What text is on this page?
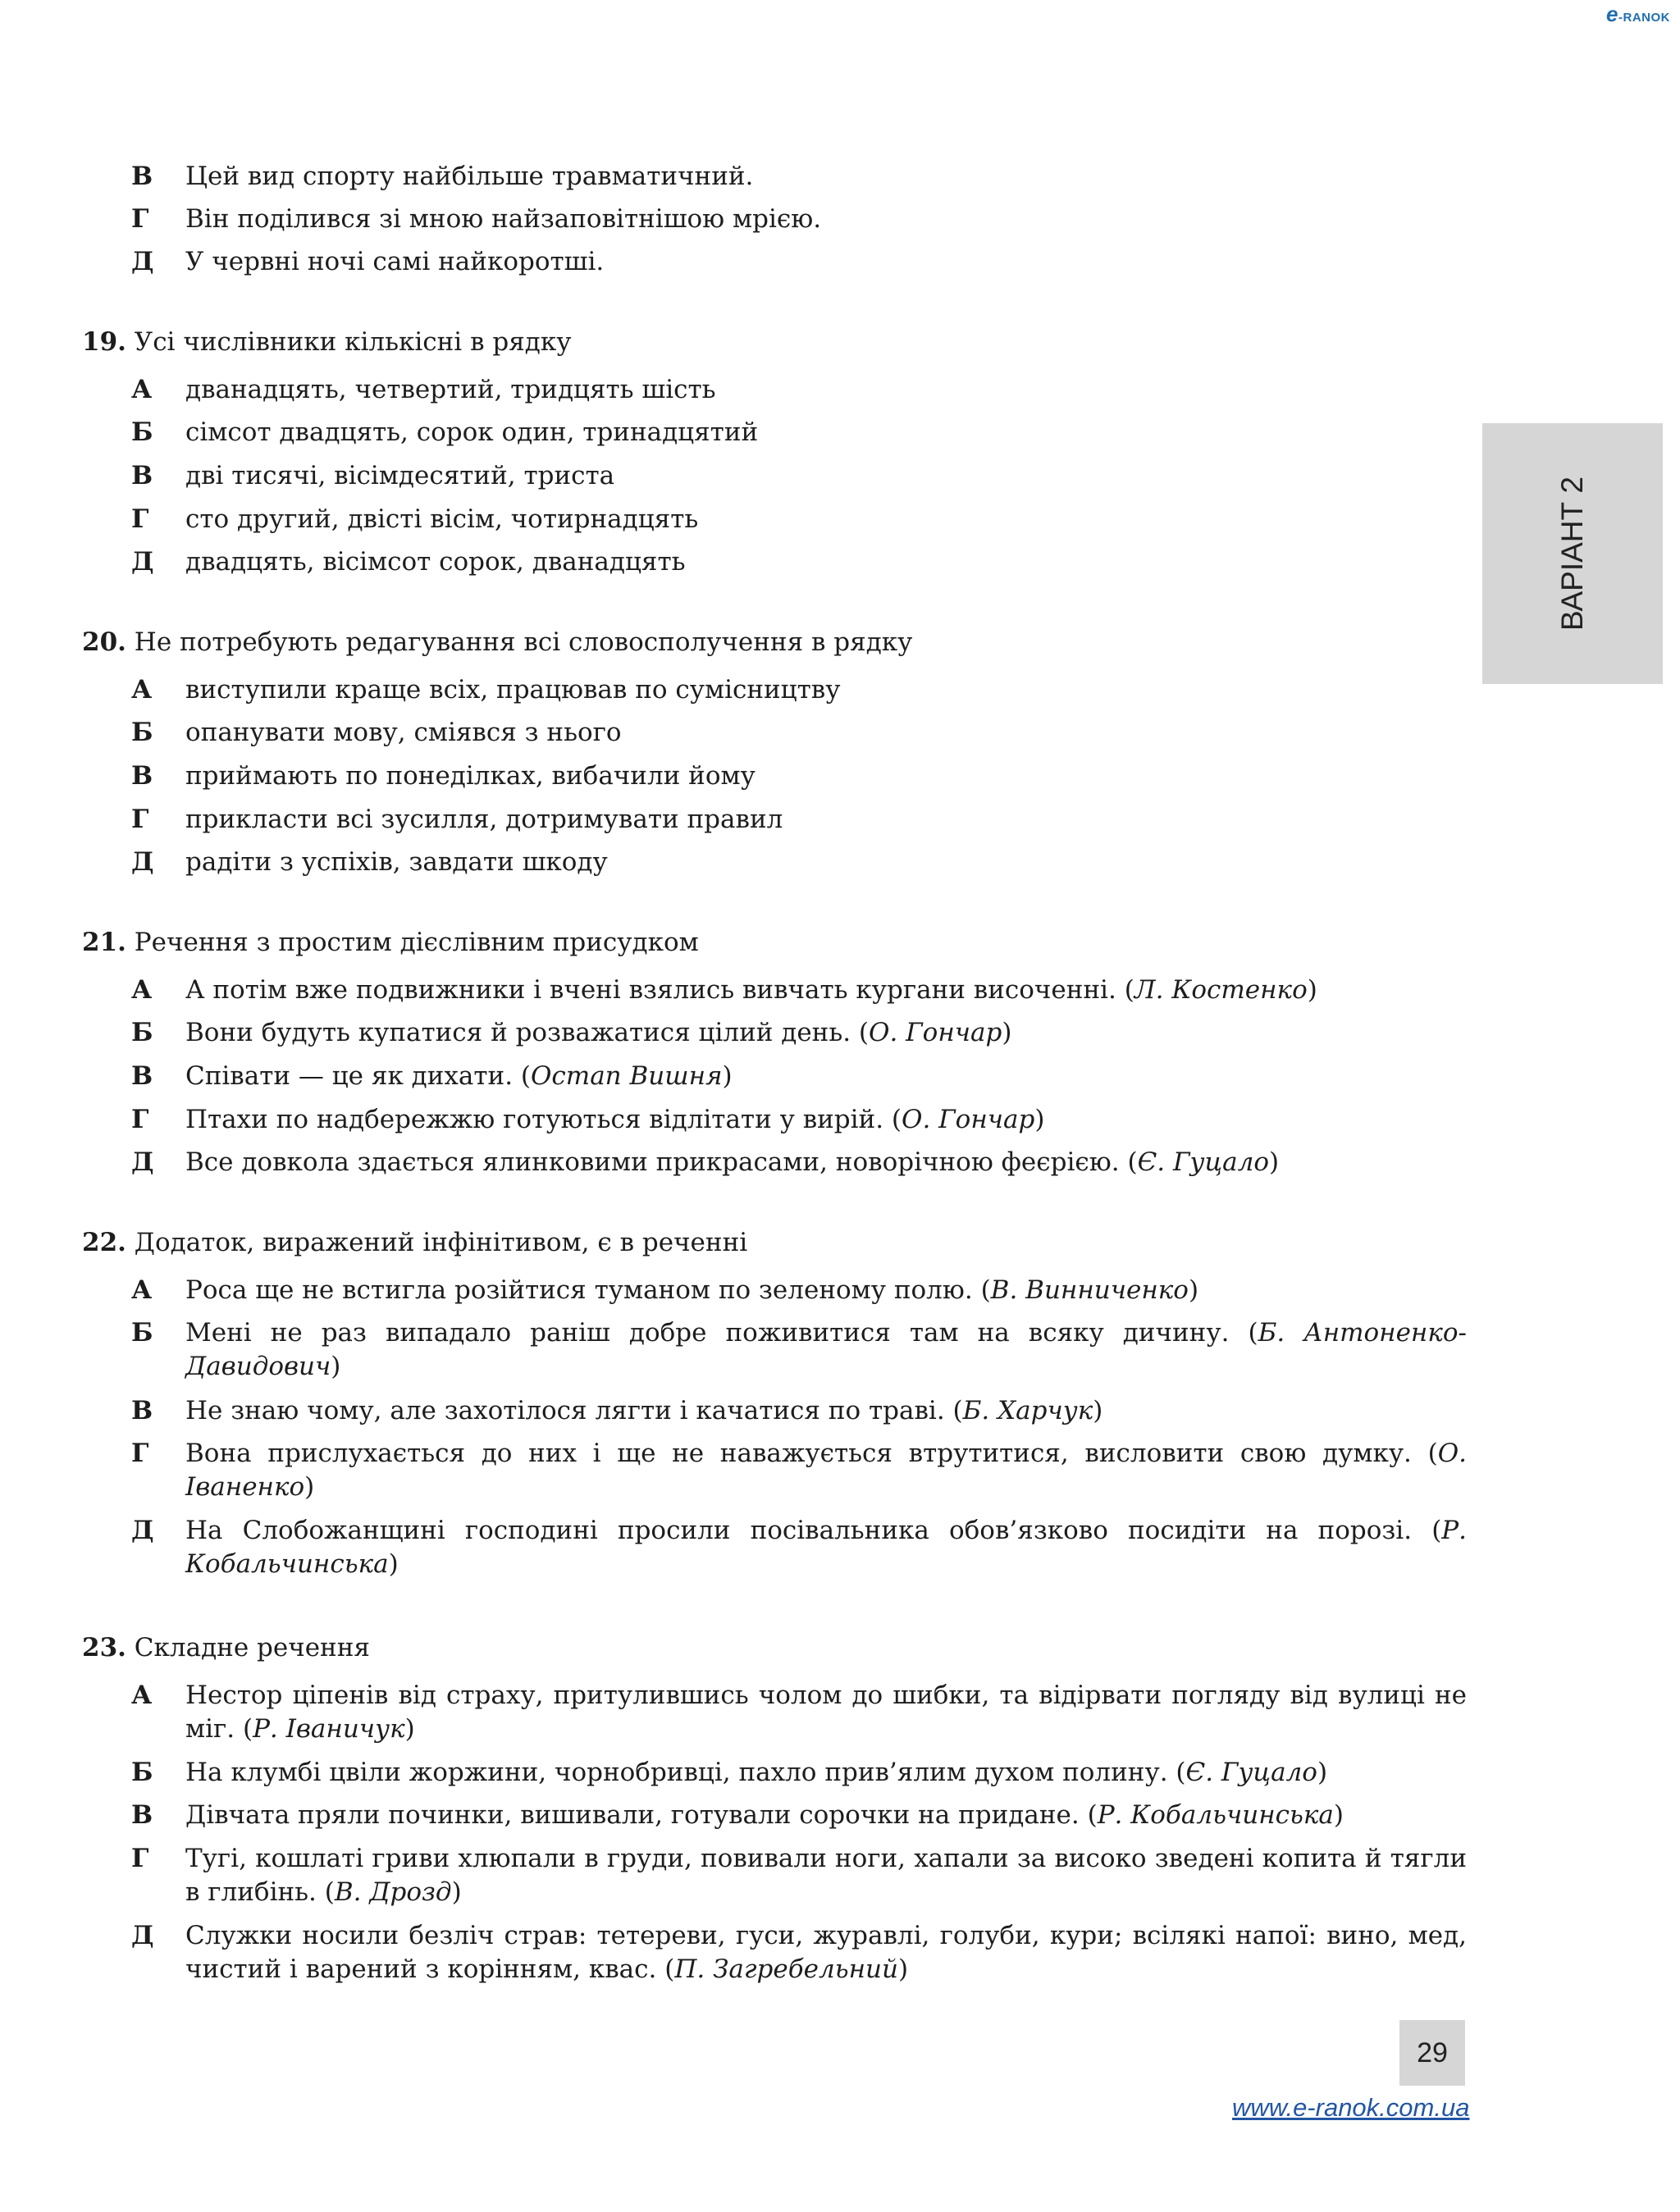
e-RANOK
ВАРІАНТ 2
В Цей вид спорту найбільше травматичний.
Г Він поділився зі мною найзаповітнішою мрією.
Д У червні ночі самі найкоротші.
19. Усі числівники кількісні в рядку
А дванадцять, четвертий, тридцять шість
Б сімсот двадцять, сорок один, тринадцятий
В дві тисячі, вісімдесятий, триста
Г сто другий, двісті вісім, чотирнадцять
Д двадцять, вісімсот сорок, дванадцять
20. Не потребують редагування всі словосполучення в рядку
А виступили краще всіх, працював по сумісництву
Б опанувати мову, сміявся з нього
В приймають по понеділках, вибачили йому
Г прикласти всі зусилля, дотримувати правил
Д радіти з успіхів, завдати шкоду
21. Речення з простим дієслівним присудком
А А потім вже подвижники і вчені взялись вивчать кургани височенні. (Л. Костенко)
Б Вони будуть купатися й розважатися цілий день. (О. Гончар)
В Співати — це як дихати. (Остап Вишня)
Г Птахи по надбережжю готуються відлітати у вирій. (О. Гончар)
Д Все довкола здається ялинковими прикрасами, новорічною феєрією. (Є. Гуцало)
22. Додаток, виражений інфінітивом, є в реченні
А Роса ще не встигла розійтися туманом по зеленому полю. (В. Винниченко)
Б Мені не раз випадало раніш добре поживитися там на всяку дичину. (Б. Антоненко-Давидович)
В Не знаю чому, але захотілося лягти і качатися по траві. (Б. Харчук)
Г Вона прислухається до них і ще не наважується втрутитися, висловити свою думку. (О. Іваненко)
Д На Слобожанщині господині просили посівальника обов’язково посидіти на порозі. (Р. Кобальчинська)
23. Складне речення
А Нестор ціпенів від страху, притулившись чолом до шибки, та відірвати погляду від вулиці не міг. (Р. Іваничук)
Б На клумбі цвіли жоржини, чорнобривці, пахло прив’ялим духом полину. (Є. Гуцало)
В Дівчата пряли починки, вишивали, готували сорочки на придане. (Р. Кобальчинська)
Г Тугі, кошлаті гриви хлюпали в груди, повивали ноги, хапали за високо зведені копита й тягли в глибінь. (В. Дрозд)
Д Служки носили безліч страв: тетереви, гуси, журавлі, голуби, кури; всілякі напої: вино, мед, чистий і варений з корінням, квас. (П. Загребельний)
29
www.e-ranok.com.ua
